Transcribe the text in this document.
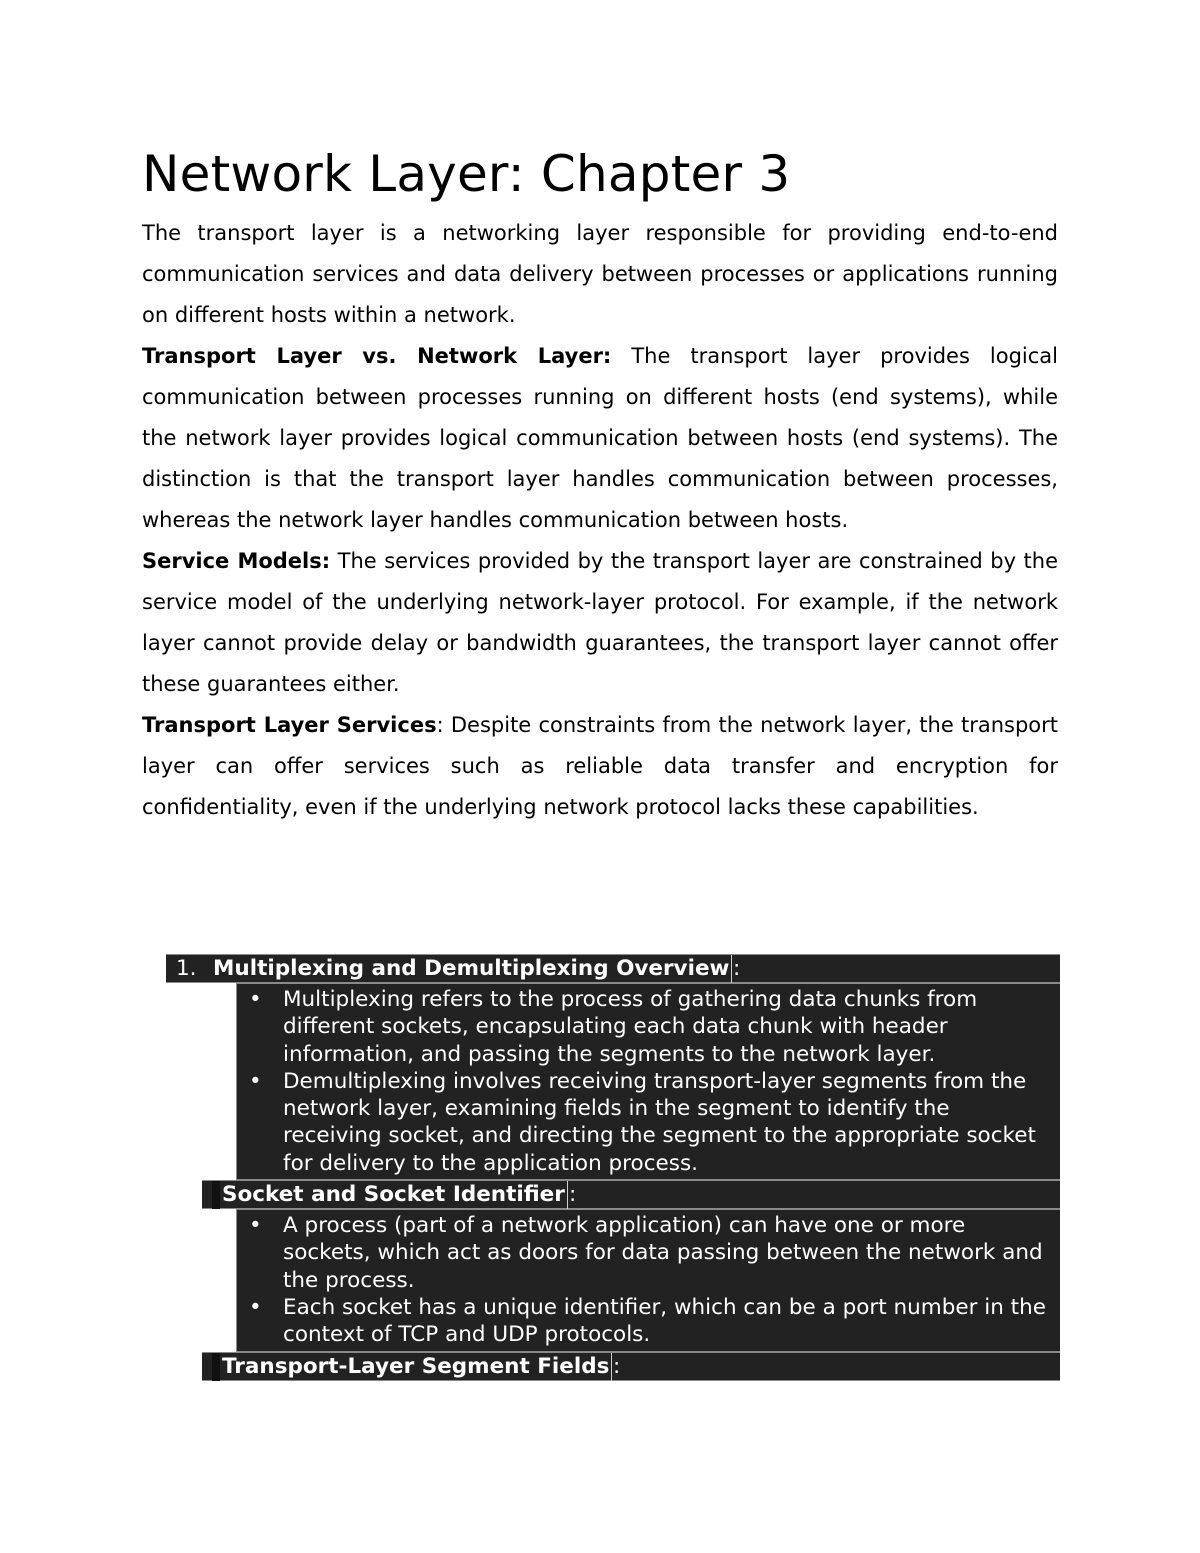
Network Layer: Chapter 3

The transport layer is a networking layer responsible for providing end-to-end communication services and data delivery between processes or applications running on different hosts within a network.

Transport Layer vs. Network Layer: The transport layer provides logical communication between processes running on different hosts (end systems), while the network layer provides logical communication between hosts (end systems). The distinction is that the transport layer handles communication between processes, whereas the network layer handles communication between hosts.

Service Models: The services provided by the transport layer are constrained by the service model of the underlying network-layer protocol. For example, if the network layer cannot provide delay or bandwidth guarantees, the transport layer cannot offer these guarantees either.

Transport Layer Services: Despite constraints from the network layer, the transport layer can offer services such as reliable data transfer and encryption for confidentiality, even if the underlying network protocol lacks these capabilities.

1. Multiplexing and Demultiplexing Overview :
• Multiplexing refers to the process of gathering data chunks from different sockets, encapsulating each data chunk with header information, and passing the segments to the network layer.
• Demultiplexing involves receiving transport-layer segments from the network layer, examining fields in the segment to identify the receiving socket, and directing the segment to the appropriate socket for delivery to the application process.
Socket and Socket Identifier :
• A process (part of a network application) can have one or more sockets, which act as doors for data passing between the network and the process.
• Each socket has a unique identifier, which can be a port number in the context of TCP and UDP protocols.
Transport-Layer Segment Fields :
